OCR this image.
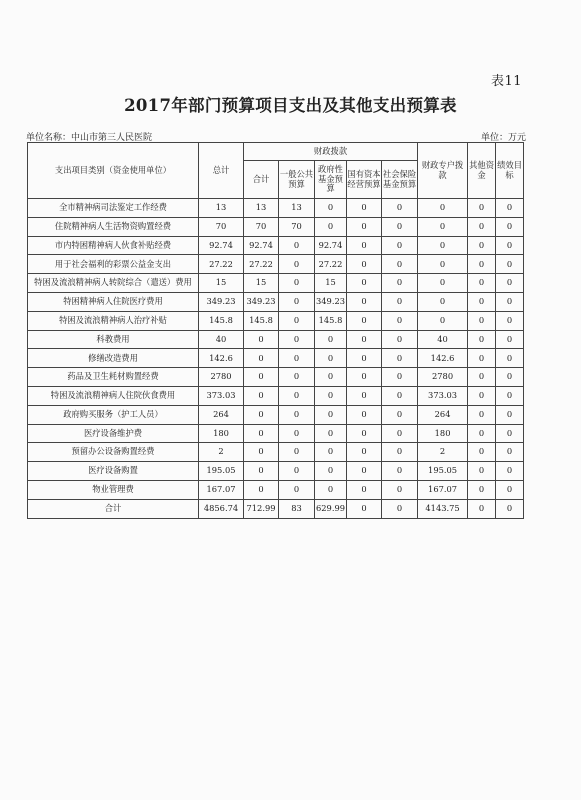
表11
2017年部门预算项目支出及其他支出预算表
单位名称：中山市第三人民医院	单位：万元
支出项目类别（资金使用单位）	总计	财政拨款					财政专户拨款	其他资金	绩效目标
		合计	一般公共预算	政府性基金预算	国有资本经营预算	社会保险基金预算			
全市精神病司法鉴定工作经费	13	13	13	0	0	0	0	0	0
住院精神病人生活物资购置经费	70	70	70	0	0	0	0	0	0
市内特困精神病人伙食补贴经费	92.74	92.74	0	92.74	0	0	0	0	0
用于社会福利的彩票公益金支出	27.22	27.22	0	27.22	0	0	0	0	0
特困及流浪精神病人转院综合（遣送）费用	15	15	0	15	0	0	0	0	0
特困精神病人住院医疗费用	349.23	349.23	0	349.23	0	0	0	0	0
特困及流浪精神病人治疗补贴	145.8	145.8	0	145.8	0	0	0	0	0
科教费用	40	0	0	0	0	0	40	0	0
修缮改造费用	142.6	0	0	0	0	0	142.6	0	0
药品及卫生耗材购置经费	2780	0	0	0	0	0	2780	0	0
特困及流浪精神病人住院伙食费用	373.03	0	0	0	0	0	373.03	0	0
政府购买服务（护工人员）	264	0	0	0	0	0	264	0	0
医疗设备维护费	180	0	0	0	0	0	180	0	0
预留办公设备购置经费	2	0	0	0	0	0	2	0	0
医疗设备购置	195.05	0	0	0	0	0	195.05	0	0
物业管理费	167.07	0	0	0	0	0	167.07	0	0
合计	4856.74	712.99	83	629.99	0	0	4143.75	0	0
